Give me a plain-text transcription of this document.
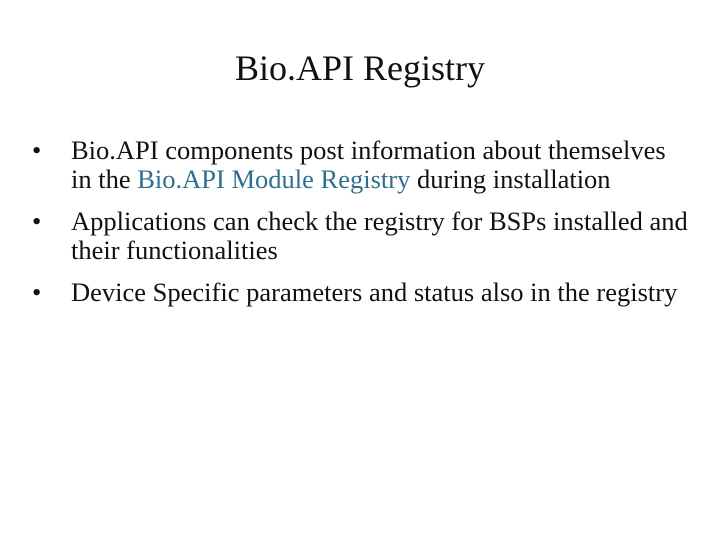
Bio.API Registry
•	Bio.API components post information about themselves in the Bio.API Module Registry during installation
•	Applications can check the registry for BSPs installed and their functionalities
•	Device Specific parameters and status also in the registry
